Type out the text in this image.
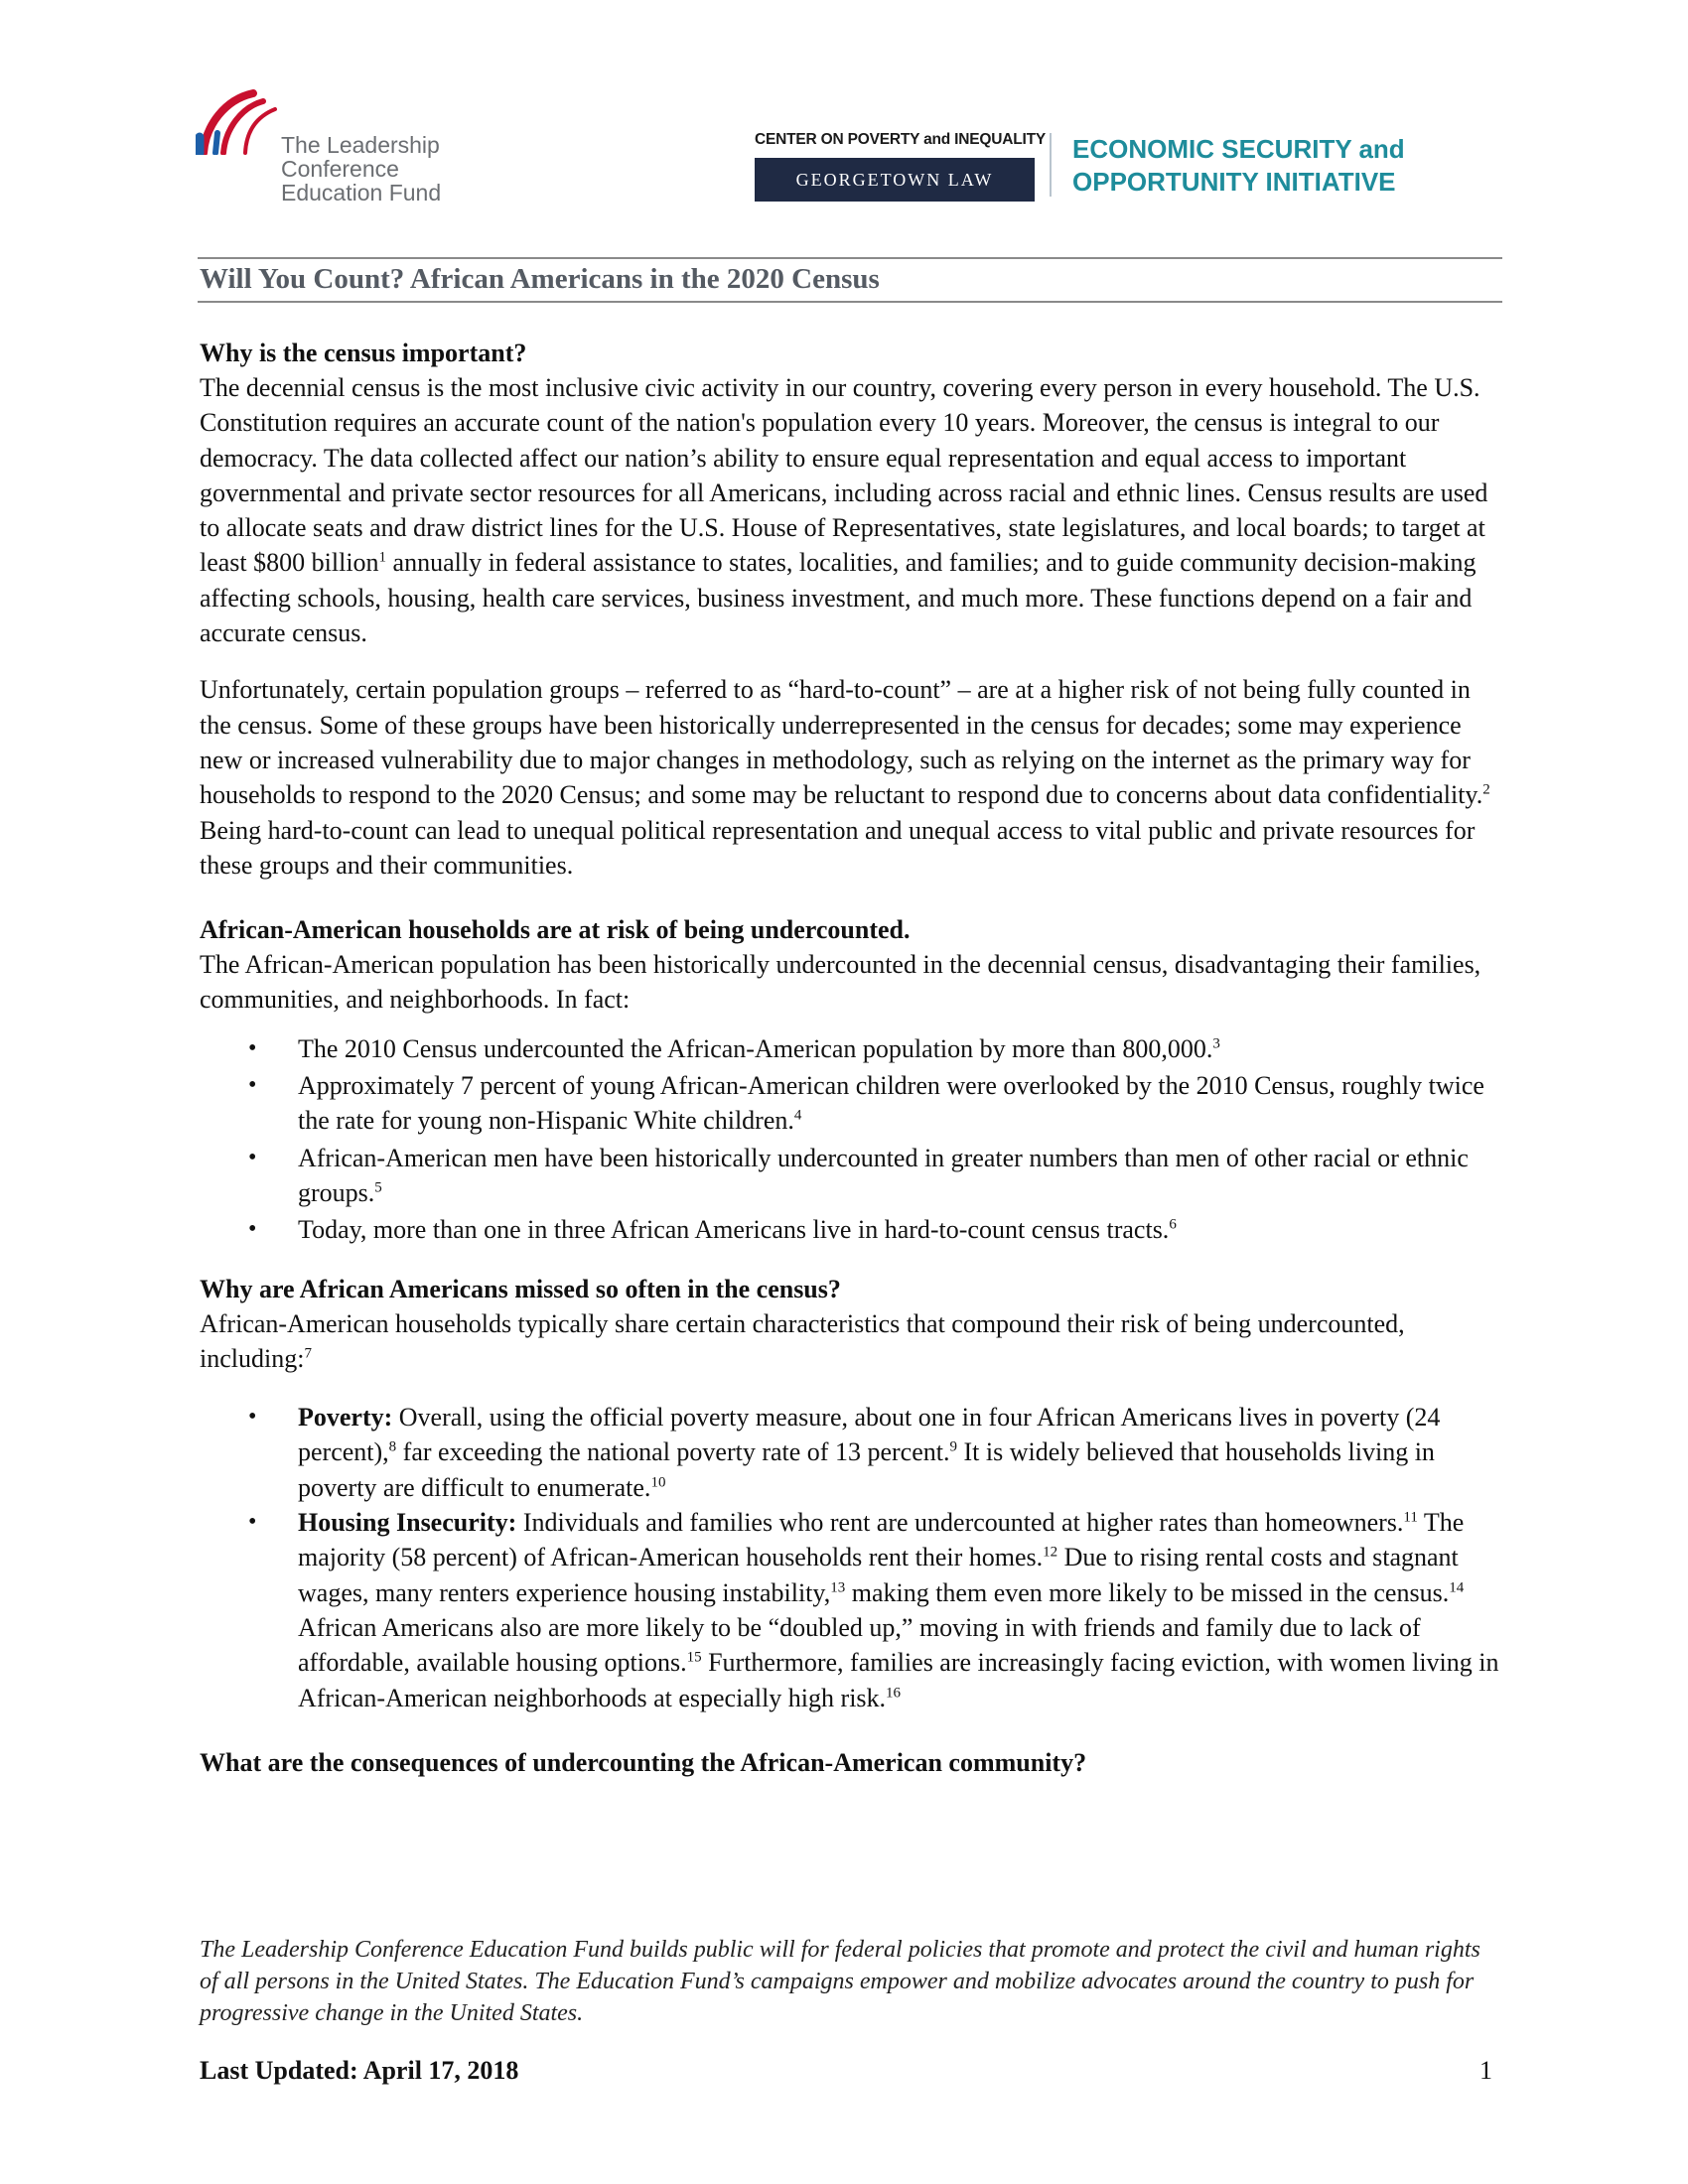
The Leadership
Conference
Education Fund
CENTER ON POVERTY and INEQUALITY
GEORGETOWN LAW
ECONOMIC SECURITY and
OPPORTUNITY INITIATIVE
Will You Count? African Americans in the 2020 Census
Why is the census important?

The decennial census is the most inclusive civic activity in our country, covering every person in every household. The U.S. Constitution requires an accurate count of the nation's population every 10 years. Moreover, the census is integral to our democracy. The data collected affect our nation’s ability to ensure equal representation and equal access to important governmental and private sector resources for all Americans, including across racial and ethnic lines. Census results are used to allocate seats and draw district lines for the U.S. House of Representatives, state legislatures, and local boards; to target at least $800 billion$^1$ annually in federal assistance to states, localities, and families; and to guide community decision-making affecting schools, housing, health care services, business investment, and much more. These functions depend on a fair and accurate census.

Unfortunately, certain population groups – referred to as “hard-to-count” – are at a higher risk of not being fully counted in the census. Some of these groups have been historically underrepresented in the census for decades; some may experience new or increased vulnerability due to major changes in methodology, such as relying on the internet as the primary way for households to respond to the 2020 Census; and some may be reluctant to respond due to concerns about data confidentiality.$^2$ Being hard-to-count can lead to unequal political representation and unequal access to vital public and private resources for these groups and their communities.

African-American households are at risk of being undercounted.

The African-American population has been historically undercounted in the decennial census, disadvantaging their families, communities, and neighborhoods. In fact:

• The 2010 Census undercounted the African-American population by more than 800,000.$^3$
• Approximately 7 percent of young African-American children were overlooked by the 2010 Census, roughly twice the rate for young non-Hispanic White children.$^4$
• African-American men have been historically undercounted in greater numbers than men of other racial or ethnic groups.$^5$
• Today, more than one in three African Americans live in hard-to-count census tracts.$^6$
Why are African Americans missed so often in the census?

African-American households typically share certain characteristics that compound their risk of being undercounted, including:$^7$

• Poverty: Overall, using the official poverty measure, about one in four African Americans lives in poverty (24 percent),$^8$ far exceeding the national poverty rate of 13 percent.$^9$ It is widely believed that households living in poverty are difficult to enumerate.$^{10}$
• Housing Insecurity: Individuals and families who rent are undercounted at higher rates than homeowners.$^{11}$ The majority (58 percent) of African-American households rent their homes.$^{12}$ Due to rising rental costs and stagnant wages, many renters experience housing instability,$^{13}$ making them even more likely to be missed in the census.$^{14}$ African Americans also are more likely to be “doubled up,” moving in with friends and family due to lack of affordable, available housing options.$^{15}$ Furthermore, families are increasingly facing eviction, with women living in African-American neighborhoods at especially high risk.$^{16}$
What are the consequences of undercounting the African-American community?
The Leadership Conference Education Fund builds public will for federal policies that promote and protect the civil and human rights of all persons in the United States. The Education Fund’s campaigns empower and mobilize advocates around the country to push for progressive change in the United States.
Last Updated: April 17, 2018	1
